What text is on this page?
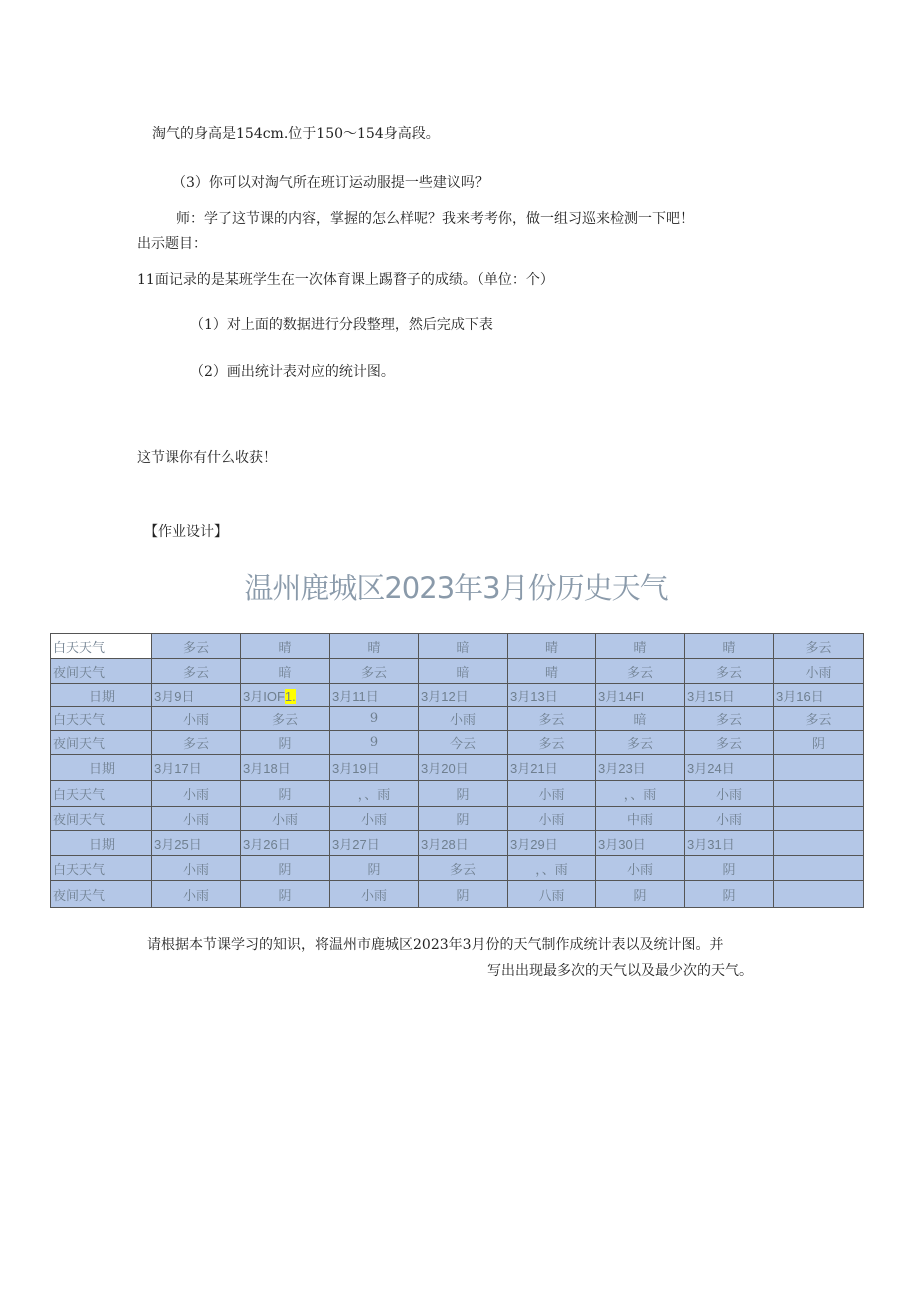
淘气的身高是154cm.位于150～154身高段。
（3）你可以对淘气所在班订运动服提一些建议吗？
师：学了这节课的内容，掌握的怎么样呢？我来考考你，做一组习巡来检测一下吧！
出示题目：
11面记录的是某班学生在一次体育课上踢瞀子的成绩。（单位：个）
（1）对上面的数据进行分段整理，然后完成下表
（2）画出统计表对应的统计图。
这节课你有什么收获！
【作业设计】
温州鹿城区2023年3月份历史天气
白天天气	多云	晴	晴	暗	晴	晴	晴	多云
夜间天气	多云	暗	多云	暗	晴	多云	多云	小雨
日期	3月9日	3月IOF1.	3月11日	3月12日	3月13日	3月14FI	3月15日	3月16日
白天天气	小雨	多云	9	小雨	多云	暗	多云	多云
夜间天气	多云	阴	9	今云	多云	多云	多云	阴
日期	3月17日	3月18日	3月19日	3月20日	3月21日	3月23日	3月24日	
白天天气	小雨	阴	，、雨	阴	小雨	，、雨	小雨	
夜间天气	小雨	小雨	小雨	阴	小雨	中雨	小雨	
日期	3月25日	3月26日	3月27日	3月28日	3月29日	3月30日	3月31日	
白天天气	小雨	阴	阴	多云	，、雨	小雨	阴	
夜间天气	小雨	阴	小雨	阴	八雨	阴	阴	
请根据本节课学习的知识，将温州市鹿城区2023年3月份的天气制作成统计表以及统计图。并
写出出现最多次的天气以及最少次的天气。
